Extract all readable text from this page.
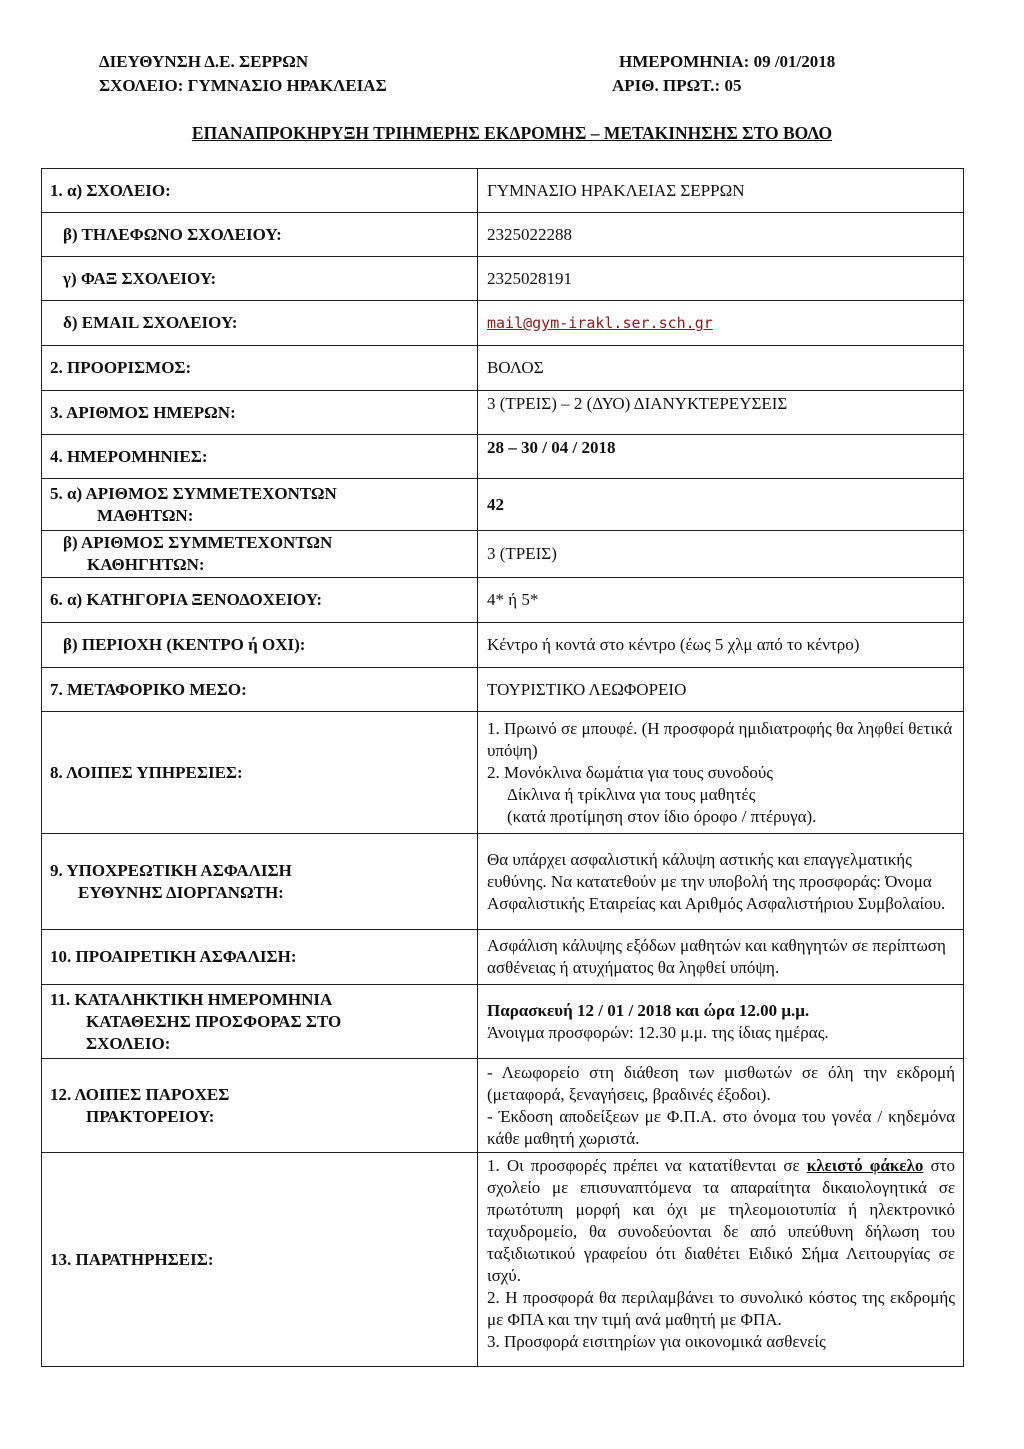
ΔΙΕΥΘΥΝΣΗ Δ.Ε. ΣΕΡΡΩΝ
ΣΧΟΛΕΙΟ: ΓΥΜΝΑΣΙΟ ΗΡΑΚΛΕΙΑΣ
ΗΜΕΡΟΜΗΝΙΑ: 09 /01/2018
ΑΡΙΘ. ΠΡΩΤ.: 05
ΕΠΑΝΑΠΡΟΚΗΡΥΞΗ ΤΡΙΗΜΕΡΗΣ ΕΚΔΡΟΜΗΣ – ΜΕΤΑΚΙΝΗΣΗΣ ΣΤΟ ΒΟΛΟ
1. α) ΣΧΟΛΕΙΟ:	ΓΥΜΝΑΣΙΟ ΗΡΑΚΛΕΙΑΣ ΣΕΡΡΩΝ
β) ΤΗΛΕΦΩΝΟ ΣΧΟΛΕΙΟΥ:	2325022288
γ) ΦΑΞ ΣΧΟΛΕΙΟΥ:	2325028191
δ) EMAIL ΣΧΟΛΕΙΟΥ:	mail@gym-irakl.ser.sch.gr
2. ΠΡΟΟΡΙΣΜΟΣ:	ΒΟΛΟΣ
3. ΑΡΙΘΜΟΣ ΗΜΕΡΩΝ:	3 (ΤΡΕΙΣ) – 2 (ΔΥΟ) ΔΙΑΝΥΚΤΕΡΕΥΣΕΙΣ
4. ΗΜΕΡΟΜΗΝΙΕΣ:	28 – 30 / 04 / 2018

5. α) ΑΡΙΘΜΟΣ ΣΥΜΜΕΤΕΧΟΝΤΩΝ
ΜΑΘΗΤΩΝ:	42

β) ΑΡΙΘΜΟΣ ΣΥΜΜΕΤΕΧΟΝΤΩΝ
ΚΑΘΗΓΗΤΩΝ:	3 (ΤΡΕΙΣ)
6. α) ΚΑΤΗΓΟΡΙΑ ΞΕΝΟΔΟΧΕΙΟΥ:	4* ή 5*
β) ΠΕΡΙΟΧΗ (ΚΕΝΤΡΟ ή ΟΧΙ):	Κέντρο ή κοντά στο κέντρο (έως 5 χλμ από το κέντρο)
7. ΜΕΤΑΦΟΡΙΚΟ ΜΕΣΟ:	ΤΟΥΡΙΣΤΙΚΟ ΛΕΩΦΟΡΕΙΟ
8. ΛΟΙΠΕΣ ΥΠΗΡΕΣΙΕΣ:	1. Πρωινό σε μπουφέ. (Η προσφορά ημιδιατροφής θα ληφθεί θετικά υπόψη)
2. Μονόκλινα δωμάτια για τους συνοδούς
Δίκλινα ή τρίκλινα για τους μαθητές
(κατά προτίμηση στον ίδιο όροφο / πτέρυγα).

9. ΥΠΟΧΡΕΩΤΙΚΗ ΑΣΦΑΛΙΣΗ
ΕΥΘΥΝΗΣ ΔΙΟΡΓΑΝΩΤΗ:	Θα υπάρχει ασφαλιστική κάλυψη αστικής και επαγγελματικής ευθύνης. Να κατατεθούν με την υποβολή της προσφοράς: Όνομα Ασφαλιστικής Εταιρείας και Αριθμός Ασφαλιστήριου Συμβολαίου.
10. ΠΡΟΑΙΡΕΤΙΚΗ ΑΣΦΑΛΙΣΗ:	Ασφάλιση κάλυψης εξόδων μαθητών και καθηγητών σε περίπτωση ασθένειας ή ατυχήματος θα ληφθεί υπόψη.

11. ΚΑΤΑΛΗΚΤΙΚΗ ΗΜΕΡΟΜΗΝΙΑ
ΚΑΤΑΘΕΣΗΣ ΠΡΟΣΦΟΡΑΣ ΣΤΟ
ΣΧΟΛΕΙΟ:	Παρασκευή 12 / 01 / 2018 και ώρα 12.00 μ.μ.
Άνοιγμα προσφορών: 12.30 μ.μ. της ίδιας ημέρας.

12. ΛΟΙΠΕΣ ΠΑΡΟΧΕΣ
ΠΡΑΚΤΟΡΕΙΟΥ:	- Λεωφορείο στη διάθεση των μισθωτών σε όλη την εκδρομή (μεταφορά, ξεναγήσεις, βραδινές έξοδοι).
- Έκδοση αποδείξεων με Φ.Π.Α. στο όνομα του γονέα / κηδεμόνα κάθε μαθητή χωριστά.

13. ΠΑΡΑΤΗΡΗΣΕΙΣ:	1. Οι προσφορές πρέπει να κατατίθενται σε κλειστό φάκελο στο σχολείο με επισυναπτόμενα τα απαραίτητα δικαιολογητικά σε πρωτότυπη μορφή και όχι με τηλεομοιοτυπία ή ηλεκτρονικό ταχυδρομείο, θα συνοδεύονται δε από υπεύθυνη δήλωση του ταξιδιωτικού γραφείου ότι διαθέτει Ειδικό Σήμα Λειτουργίας σε ισχύ.
2. Η προσφορά θα περιλαμβάνει το συνολικό κόστος της εκδρομής με ΦΠΑ και την τιμή ανά μαθητή με ΦΠΑ.
3. Προσφορά εισιτηρίων για οικονομικά ασθενείς
